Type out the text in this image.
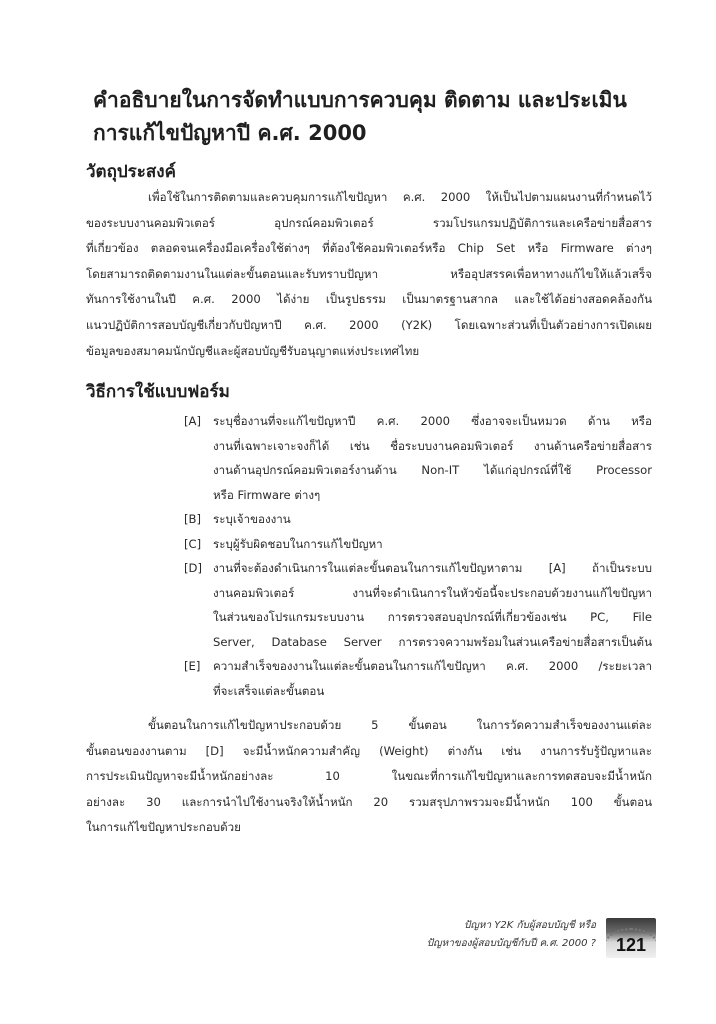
คำอธิบายในการจัดทำแบบการควบคุม ติดตาม และประเมิน
การแก้ไขปัญหาปี ค.ศ. 2000
วัตถุประสงค์
เพื่อใช้ในการติดตามและควบคุมการแก้ไขปัญหา ค.ศ. 2000 ให้เป็นไปตามแผนงานที่กำหนดไว้
ของระบบงานคอมพิวเตอร์ อุปกรณ์คอมพิวเตอร์ รวมโปรแกรมปฏิบัติการและเครือข่ายสื่อสาร
ที่เกี่ยวข้อง ตลอดจนเครื่องมือเครื่องใช้ต่างๆ ที่ต้องใช้คอมพิวเตอร์หรือ Chip Set หรือ Firmware ต่างๆ
โดยสามารถติดตามงานในแต่ละขั้นตอนและรับทราบปัญหา หรืออุปสรรคเพื่อหาทางแก้ไขให้แล้วเสร็จ
ทันการใช้งานในปี ค.ศ. 2000 ได้ง่าย เป็นรูปธรรม เป็นมาตรฐานสากล และใช้ได้อย่างสอดคล้องกัน
แนวปฏิบัติการสอบบัญชีเกี่ยวกับปัญหาปี ค.ศ. 2000 (Y2K) โดยเฉพาะส่วนที่เป็นตัวอย่างการเปิดเผย
ข้อมูลของสมาคมนักบัญชีและผู้สอบบัญชีรับอนุญาตแห่งประเทศไทย
วิธีการใช้แบบฟอร์ม
[A] ระบุชื่องานที่จะแก้ไขปัญหาปี ค.ศ. 2000 ซึ่งอาจจะเป็นหมวด ด้าน หรือ
งานที่เฉพาะเจาะจงก็ได้ เช่น ชื่อระบบงานคอมพิวเตอร์ งานด้านครือข่ายสื่อสาร
งานด้านอุปกรณ์คอมพิวเตอร์งานด้าน Non-IT ได้แก่อุปกรณ์ที่ใช้ Processor
หรือ Firmware ต่างๆ
[B] ระบุเจ้าของงาน
[C] ระบุผู้รับผิดชอบในการแก้ไขปัญหา
[D] งานที่จะต้องดำเนินการในแต่ละขั้นตอนในการแก้ไขปัญหาตาม [A] ถ้าเป็นระบบ
งานคอมพิวเตอร์ งานที่จะดำเนินการในหัวข้อนี้จะประกอบด้วยงานแก้ไขปัญหา
ในส่วนของโปรแกรมระบบงาน การตรวจสอบอุปกรณ์ที่เกี่ยวข้องเช่น PC, File
Server, Database Server การตรวจความพร้อมในส่วนเครือข่ายสื่อสารเป็นต้น
[E] ความสำเร็จของงานในแต่ละขั้นตอนในการแก้ไขปัญหา ค.ศ. 2000 /ระยะเวลา
ที่จะเสร็จแต่ละขั้นตอน
ขั้นตอนในการแก้ไขปัญหาประกอบด้วย 5 ขั้นตอน ในการวัดความสำเร็จของงานแต่ละ
ขั้นตอนของงานตาม [D] จะมีน้ำหนักความสำคัญ (Weight) ต่างกัน เช่น งานการรับรู้ปัญหาและ
การประเมินปัญหาจะมีน้ำหนักอย่างละ 10 ในขณะที่การแก้ไขปัญหาและการทดสอบจะมีน้ำหนัก
อย่างละ 30 และการนำไปใช้งานจริงให้น้ำหนัก 20 รวมสรุปภาพรวมจะมีน้ำหนัก 100 ขั้นตอน
ในการแก้ไขปัญหาประกอบด้วย
ปัญหา Y2K กับผู้สอบบัญชี หรือ
ปัญหาของผู้สอบบัญชีกับปี ค.ศ. 2000 ?	121
